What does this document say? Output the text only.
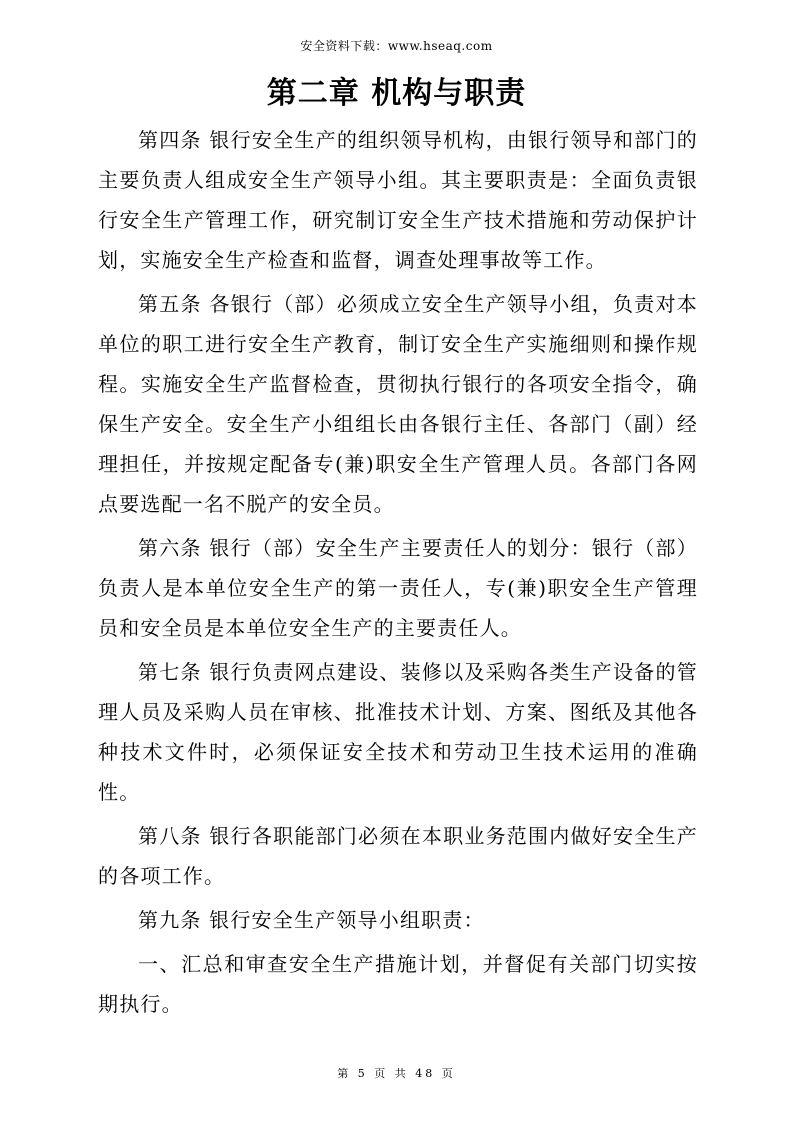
安全资料下载：www.hseaq.com
第二章 机构与职责

第四条 银行安全生产的组织领导机构，由银行领导和部门的主要负责人组成安全生产领导小组。其主要职责是：全面负责银行安全生产管理工作，研究制订安全生产技术措施和劳动保护计划，实施安全生产检查和监督，调查处理事故等工作。

第五条 各银行（部）必须成立安全生产领导小组，负责对本单位的职工进行安全生产教育，制订安全生产实施细则和操作规程。实施安全生产监督检查，贯彻执行银行的各项安全指令，确保生产安全。安全生产小组组长由各银行主任、各部门（副）经理担任，并按规定配备专(兼)职安全生产管理人员。各部门各网点要选配一名不脱产的安全员。

第六条 银行（部）安全生产主要责任人的划分：银行（部）负责人是本单位安全生产的第一责任人，专(兼)职安全生产管理员和安全员是本单位安全生产的主要责任人。

第七条 银行负责网点建设、装修以及采购各类生产设备的管理人员及采购人员在审核、批准技术计划、方案、图纸及其他各种技术文件时，必须保证安全技术和劳动卫生技术运用的准确性。

第八条 银行各职能部门必须在本职业务范围内做好安全生产的各项工作。

第九条 银行安全生产领导小组职责：

一、汇总和审查安全生产措施计划，并督促有关部门切实按期执行。

第 5 页 共 48 页
